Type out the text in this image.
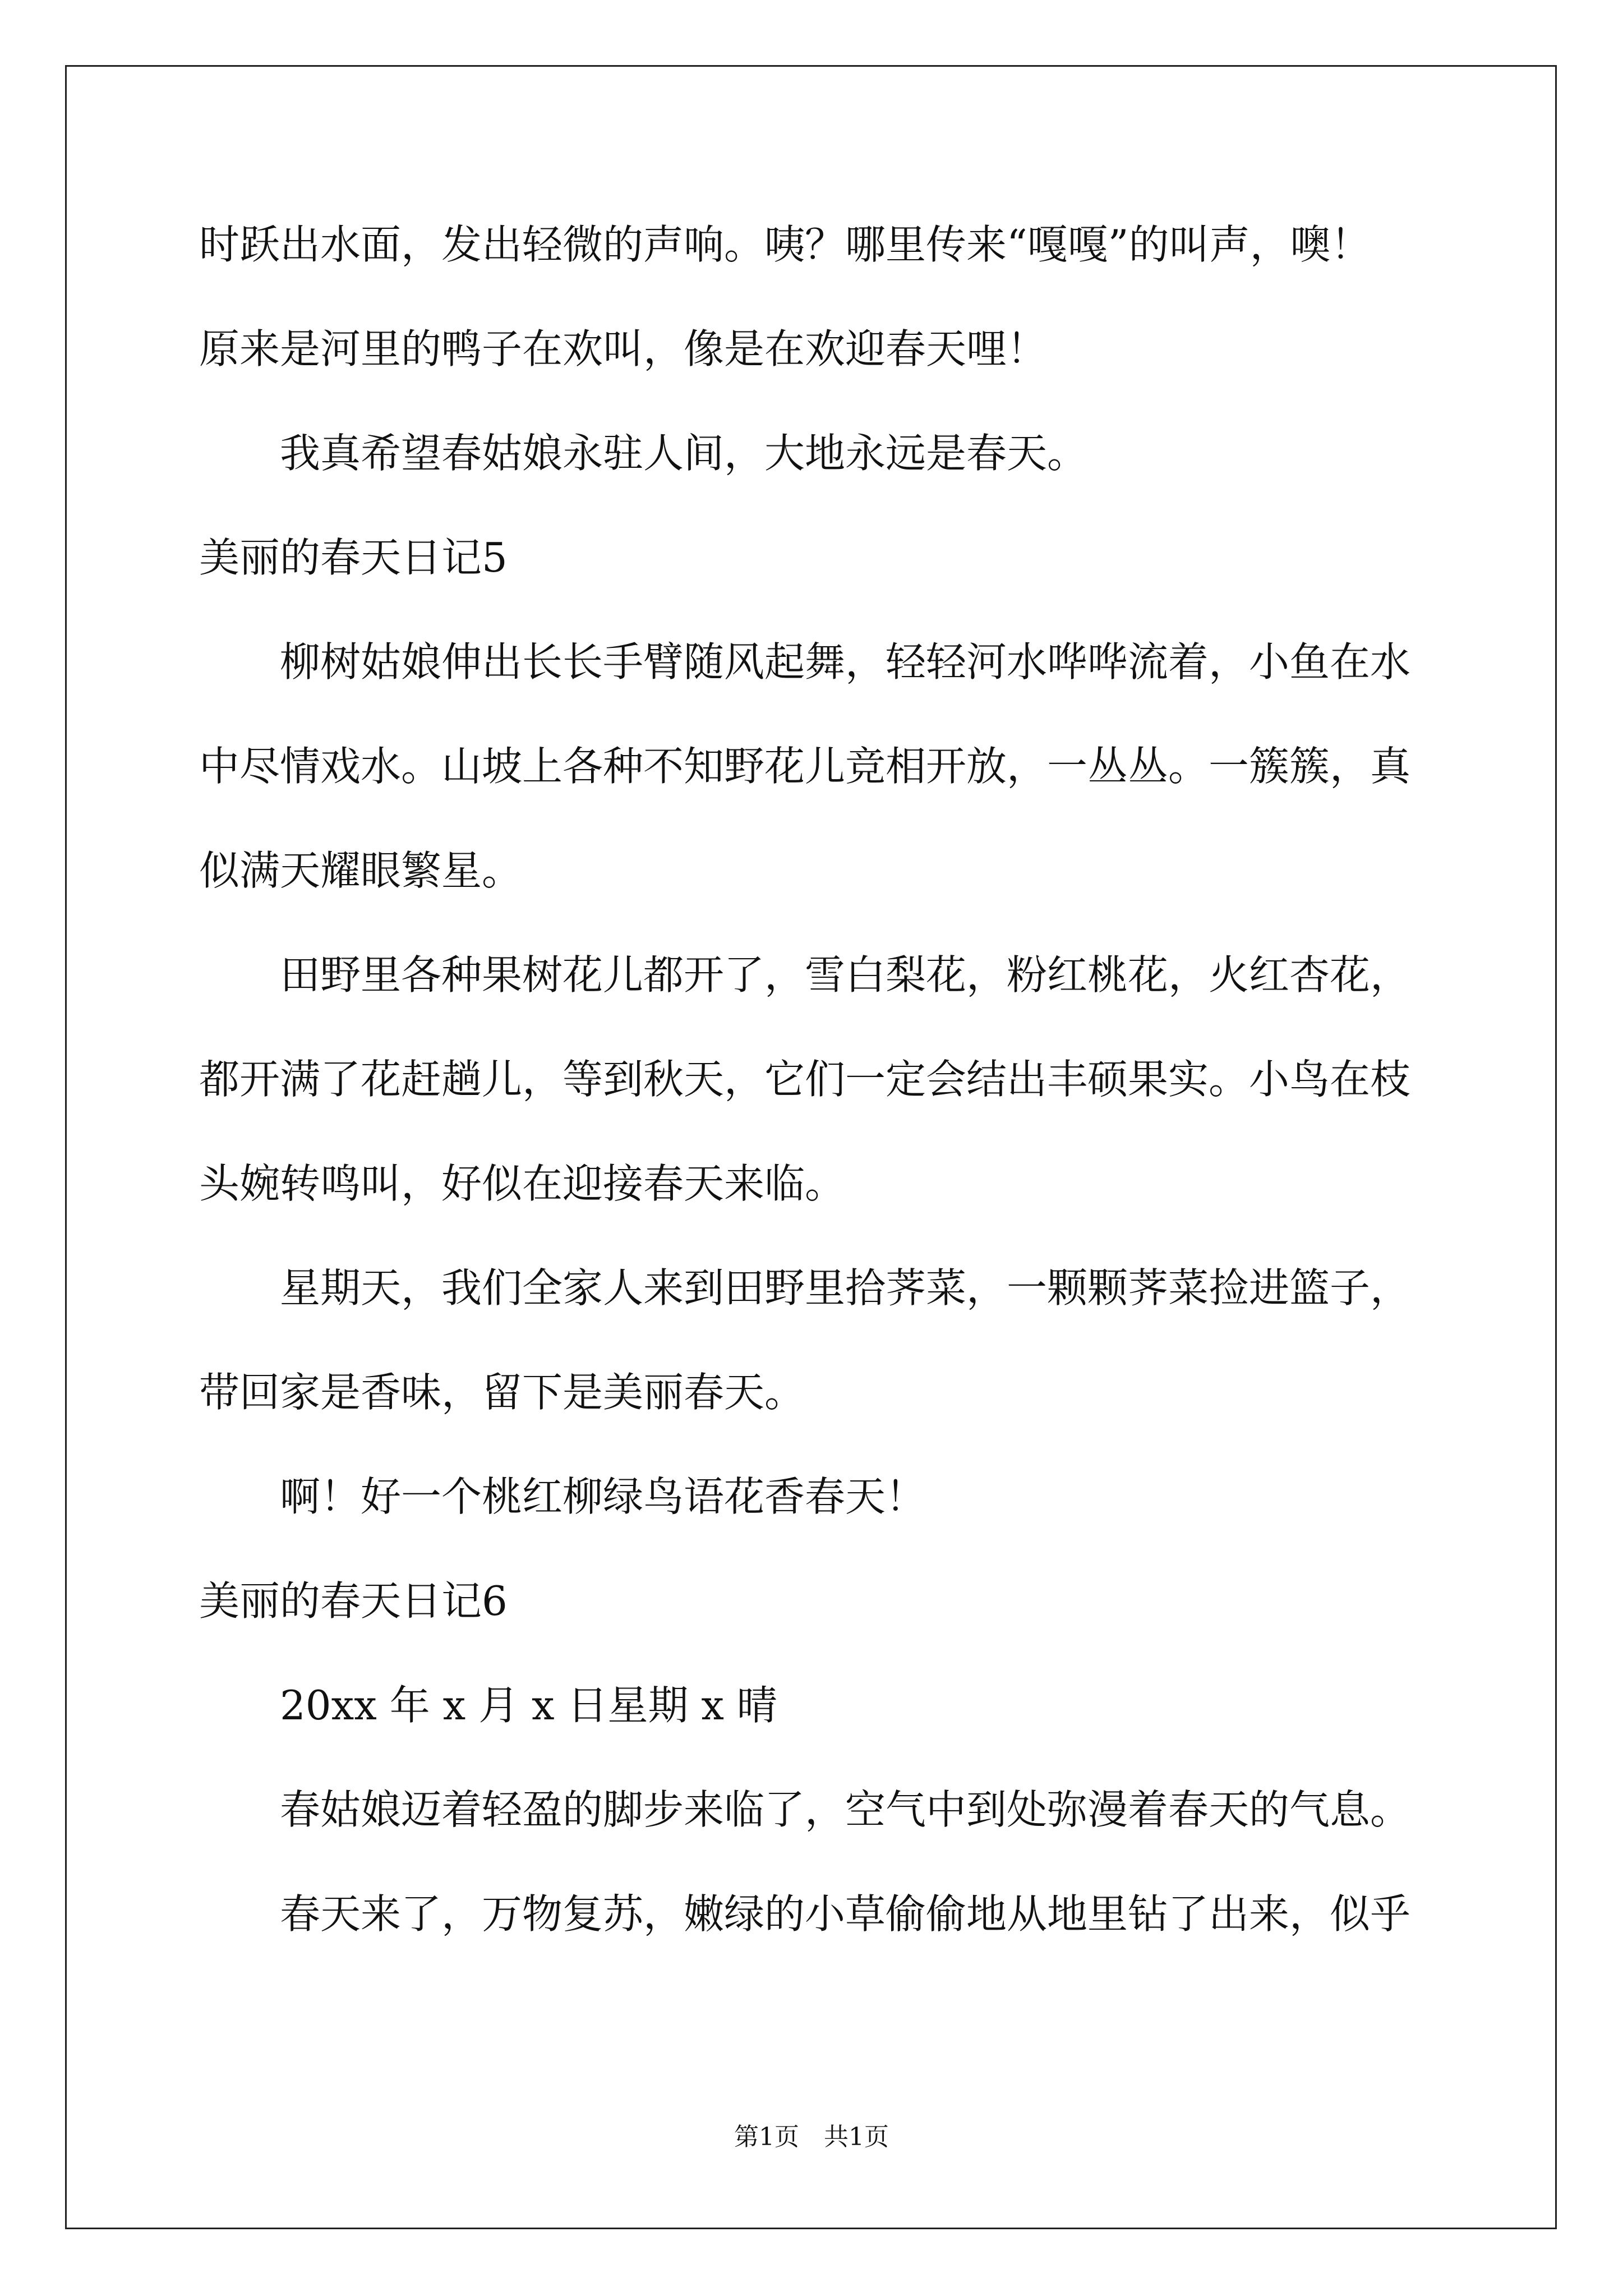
时跃出水面，发出轻微的声响。咦？哪里传来“嘎嘎”的叫声，噢！

原来是河里的鸭子在欢叫，像是在欢迎春天哩！

我真希望春姑娘永驻人间，大地永远是春天。

美丽的春天日记5

柳树姑娘伸出长长手臂随风起舞，轻轻河水哗哗流着，小鱼在水

中尽情戏水。山坡上各种不知野花儿竞相开放，一丛丛。一簇簇，真

似满天耀眼繁星。

田野里各种果树花儿都开了，雪白梨花，粉红桃花，火红杏花，

都开满了花赶趟儿，等到秋天，它们一定会结出丰硕果实。小鸟在枝

头婉转鸣叫，好似在迎接春天来临。

星期天，我们全家人来到田野里拾荠菜，一颗颗荠菜捡进篮子，

带回家是香味，留下是美丽春天。

啊！好一个桃红柳绿鸟语花香春天！

美丽的春天日记6

20xx 年 x 月 x 日星期 x 晴

春姑娘迈着轻盈的脚步来临了，空气中到处弥漫着春天的气息。

春天来了，万物复苏，嫩绿的小草偷偷地从地里钻了出来，似乎

第1页　共1页
